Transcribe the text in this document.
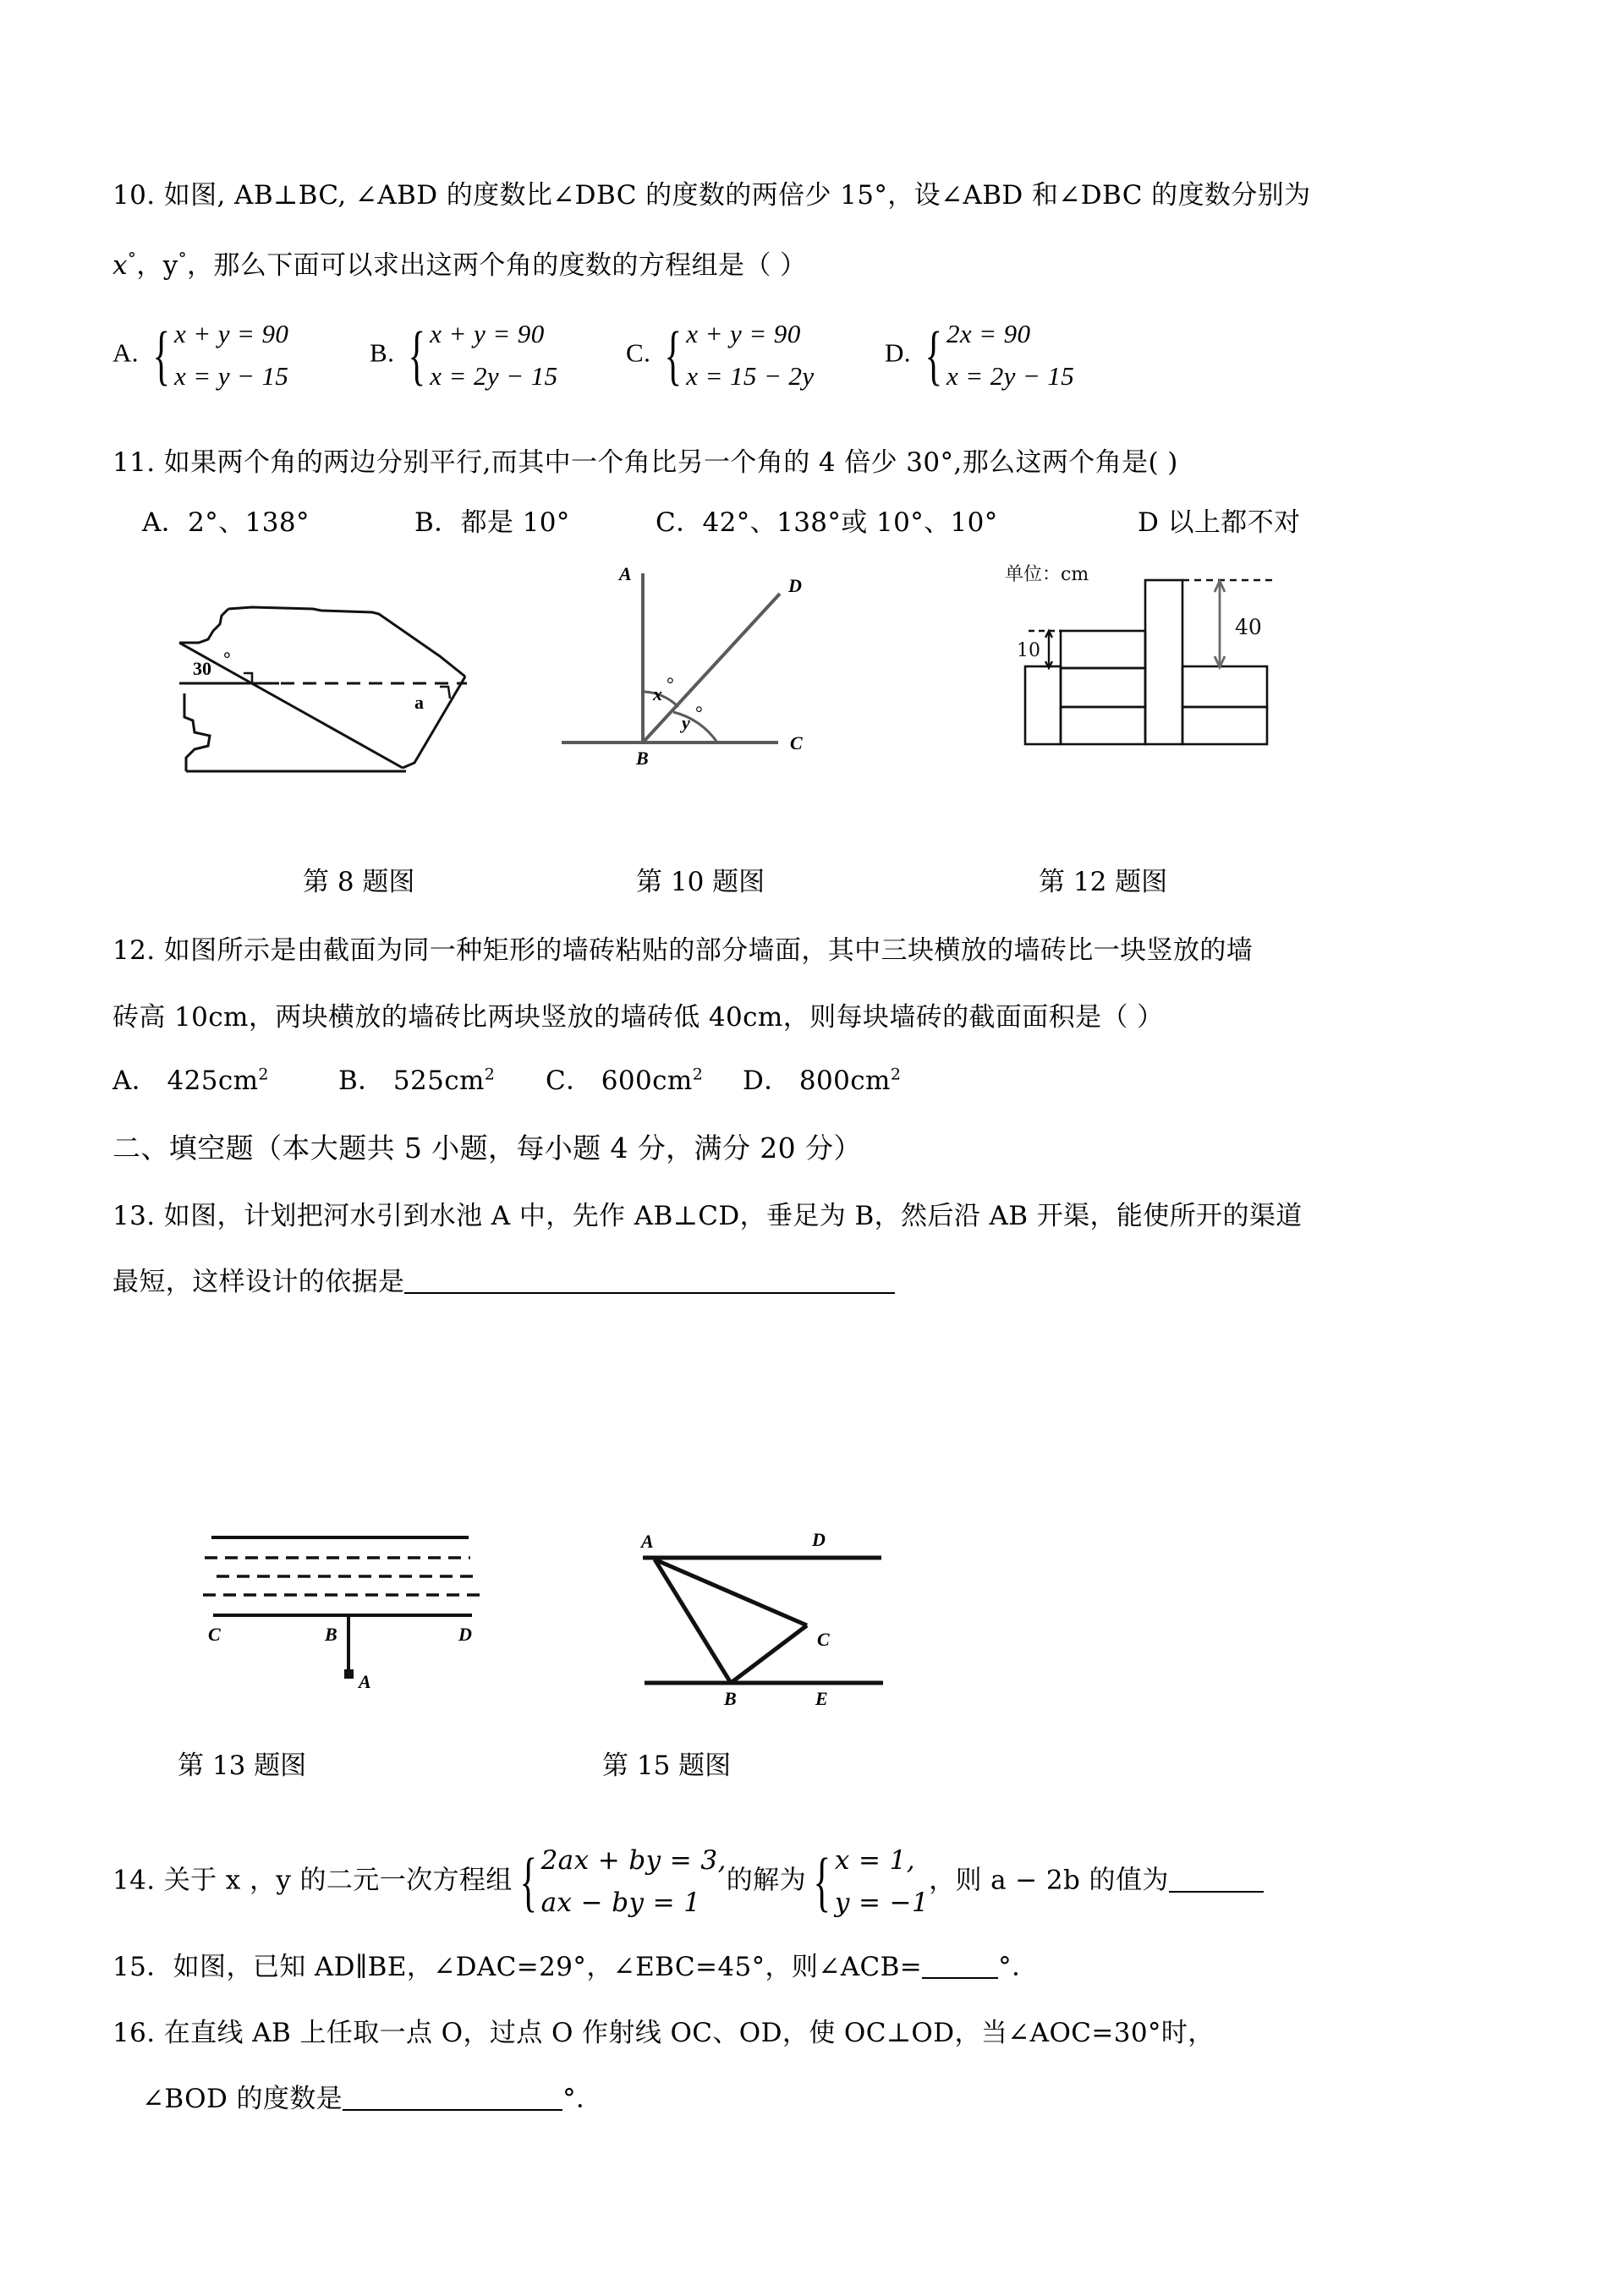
10. 如图, AB⊥BC, ∠ABD 的度数比∠DBC 的度数的两倍少 15°，设∠ABD 和∠DBC 的度数分别为
x°，y°，那么下面可以求出这两个角的度数的方程组是（ ）
A. { x + y = 90
x = y − 15
B. { x + y = 90
x = 2y − 15
C. { x + y = 90
x = 15 − 2y
D. { 2x = 90
x = 2y − 15
11. 如果两个角的两边分别平行,而其中一个角比另一个角的 4 倍少 30°,那么这两个角是( )
A．2°、138°	B．都是 10°	C．42°、138°或 10°、10°	D 以上都不对
30 °
a
A
D
C
B
x °
y °
10
40
单位：cm
第 8 题图	第 10 题图	第 12 题图
12. 如图所示是由截面为同一种矩形的墙砖粘贴的部分墙面，其中三块横放的墙砖比一块竖放的墙
砖高 10cm，两块横放的墙砖比两块竖放的墙砖低 40cm，则每块墙砖的截面面积是（ ）
A． $425cm^2$	B． $525cm^2$ C． $600cm^2$ D． $800cm^2$
二、填空题（本大题共 5 小题，每小题 4 分，满分 20 分）
13. 如图，计划把河水引到水池 A 中，先作 AB⊥CD，垂足为 B，然后沿 AB 开渠，能使所开的渠道
最短，这样设计的依据是
C	B	D
A
A	D
C
B	E
第 13 题图	第 15 题图
14. 关于 x ，y 的二元一次方程组 { 2ax + by = 3,
ax − by = 1
的解为 { x = 1,
y = −1
，则 a − 2b 的值为
15．如图，已知 AD∥BE，∠DAC=29°，∠EBC=45°，则∠ACB=	°．
16. 在直线 AB 上任取一点 O，过点 O 作射线 OC、OD，使 OC⊥OD，当∠AOC=30°时，
∠BOD 的度数是	°．
